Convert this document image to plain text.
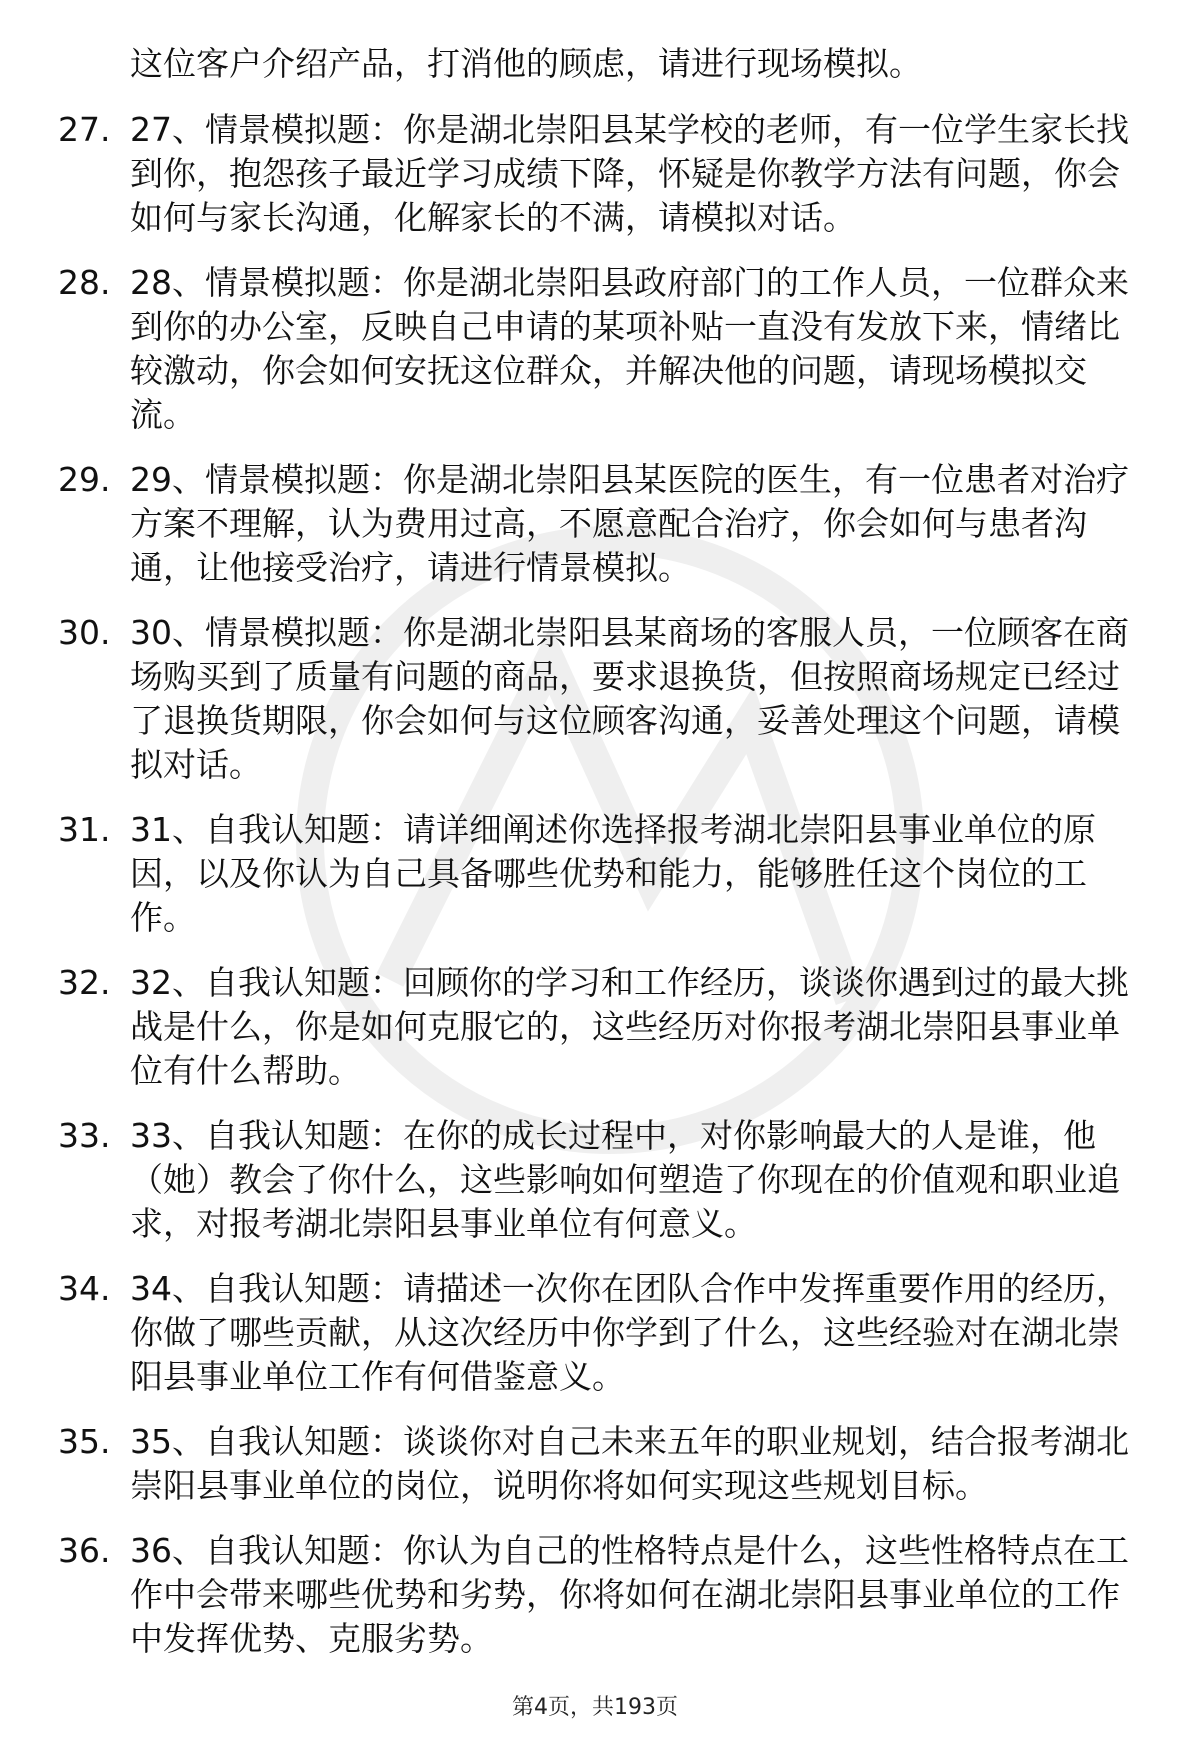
这位客户介绍产品，打消他的顾虑，请进行现场模拟。
27. 27、情景模拟题：你是湖北崇阳县某学校的老师，有一位学生家长找到你，抱怨孩子最近学习成绩下降，怀疑是你教学方法有问题，你会如何与家长沟通，化解家长的不满，请模拟对话。
28. 28、情景模拟题：你是湖北崇阳县政府部门的工作人员，一位群众来到你的办公室，反映自己申请的某项补贴一直没有发放下来，情绪比较激动，你会如何安抚这位群众，并解决他的问题，请现场模拟交流。
29. 29、情景模拟题：你是湖北崇阳县某医院的医生，有一位患者对治疗方案不理解，认为费用过高，不愿意配合治疗，你会如何与患者沟通，让他接受治疗，请进行情景模拟。
30. 30、情景模拟题：你是湖北崇阳县某商场的客服人员，一位顾客在商场购买到了质量有问题的商品，要求退换货，但按照商场规定已经过了退换货期限，你会如何与这位顾客沟通，妥善处理这个问题，请模拟对话。
31. 31、自我认知题：请详细阐述你选择报考湖北崇阳县事业单位的原因，以及你认为自己具备哪些优势和能力，能够胜任这个岗位的工作。
32. 32、自我认知题：回顾你的学习和工作经历，谈谈你遇到过的最大挑战是什么，你是如何克服它的，这些经历对你报考湖北崇阳县事业单位有什么帮助。
33. 33、自我认知题：在你的成长过程中，对你影响最大的人是谁，他（她）教会了你什么，这些影响如何塑造了你现在的价值观和职业追求，对报考湖北崇阳县事业单位有何意义。
34. 34、自我认知题：请描述一次你在团队合作中发挥重要作用的经历，你做了哪些贡献，从这次经历中你学到了什么，这些经验对在湖北崇阳县事业单位工作有何借鉴意义。
35. 35、自我认知题：谈谈你对自己未来五年的职业规划，结合报考湖北崇阳县事业单位的岗位，说明你将如何实现这些规划目标。
36. 36、自我认知题：你认为自己的性格特点是什么，这些性格特点在工作中会带来哪些优势和劣势，你将如何在湖北崇阳县事业单位的工作中发挥优势、克服劣势。
第4页，共193页
